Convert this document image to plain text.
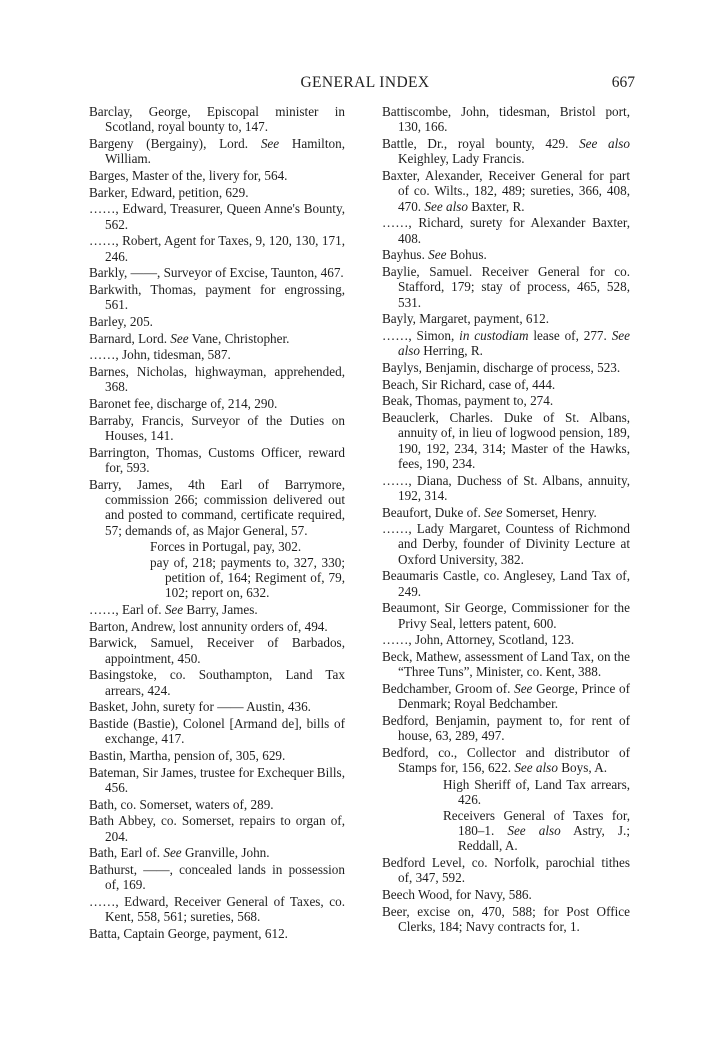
GENERAL INDEX	667
Barclay, George, Episcopal minister in Scotland, royal bounty to, 147.
Bargeny (Bergainy), Lord. See Hamilton, William.
Barges, Master of the, livery for, 564.
Barker, Edward, petition, 629.
……, Edward, Treasurer, Queen Anne's Bounty, 562.
……, Robert, Agent for Taxes, 9, 120, 130, 171, 246.
Barkly, ——, Surveyor of Excise, Taunton, 467.
Barkwith, Thomas, payment for engrossing, 561.
Barley, 205.
Barnard, Lord. See Vane, Christopher.
……, John, tidesman, 587.
Barnes, Nicholas, highwayman, apprehended, 368.
Baronet fee, discharge of, 214, 290.
Barraby, Francis, Surveyor of the Duties on Houses, 141.
Barrington, Thomas, Customs Officer, reward for, 593.
Barry, James, 4th Earl of Barrymore, commission 266; commission delivered out and posted to command, certificate required, 57; demands of, as Major General, 57.
Forces in Portugal, pay, 302.
pay of, 218; payments to, 327, 330; petition of, 164; Regiment of, 79, 102; report on, 632.
……, Earl of. See Barry, James.
Barton, Andrew, lost annunity orders of, 494.
Barwick, Samuel, Receiver of Barbados, appointment, 450.
Basingstoke, co. Southampton, Land Tax arrears, 424.
Basket, John, surety for —— Austin, 436.
Bastide (Bastie), Colonel [Armand de], bills of exchange, 417.
Bastin, Martha, pension of, 305, 629.
Bateman, Sir James, trustee for Exchequer Bills, 456.
Bath, co. Somerset, waters of, 289.
Bath Abbey, co. Somerset, repairs to organ of, 204.
Bath, Earl of. See Granville, John.
Bathurst, ——, concealed lands in possession of, 169.
……, Edward, Receiver General of Taxes, co. Kent, 558, 561; sureties, 568.
Batta, Captain George, payment, 612.
Battiscombe, John, tidesman, Bristol port, 130, 166.
Battle, Dr., royal bounty, 429. See also Keighley, Lady Francis.
Baxter, Alexander, Receiver General for part of co. Wilts., 182, 489; sureties, 366, 408, 470. See also Baxter, R.
……, Richard, surety for Alexander Baxter, 408.
Bayhus. See Bohus.
Baylie, Samuel. Receiver General for co. Stafford, 179; stay of process, 465, 528, 531.
Bayly, Margaret, payment, 612.
……, Simon, in custodiam lease of, 277. See also Herring, R.
Baylys, Benjamin, discharge of process, 523.
Beach, Sir Richard, case of, 444.
Beak, Thomas, payment to, 274.
Beauclerk, Charles. Duke of St. Albans, annuity of, in lieu of logwood pension, 189, 190, 192, 234, 314; Master of the Hawks, fees, 190, 234.
……, Diana, Duchess of St. Albans, annuity, 192, 314.
Beaufort, Duke of. See Somerset, Henry.
……, Lady Margaret, Countess of Richmond and Derby, founder of Divinity Lecture at Oxford University, 382.
Beaumaris Castle, co. Anglesey, Land Tax of, 249.
Beaumont, Sir George, Commissioner for the Privy Seal, letters patent, 600.
……, John, Attorney, Scotland, 123.
Beck, Mathew, assessment of Land Tax, on the “Three Tuns”, Minister, co. Kent, 388.
Bedchamber, Groom of. See George, Prince of Denmark; Royal Bedchamber.
Bedford, Benjamin, payment to, for rent of house, 63, 289, 497.
Bedford, co., Collector and distributor of Stamps for, 156, 622. See also Boys, A.
High Sheriff of, Land Tax arrears, 426.
Receivers General of Taxes for, 180–1. See also Astry, J.; Reddall, A.
Bedford Level, co. Norfolk, parochial tithes of, 347, 592.
Beech Wood, for Navy, 586.
Beer, excise on, 470, 588; for Post Office Clerks, 184; Navy contracts for, 1.
